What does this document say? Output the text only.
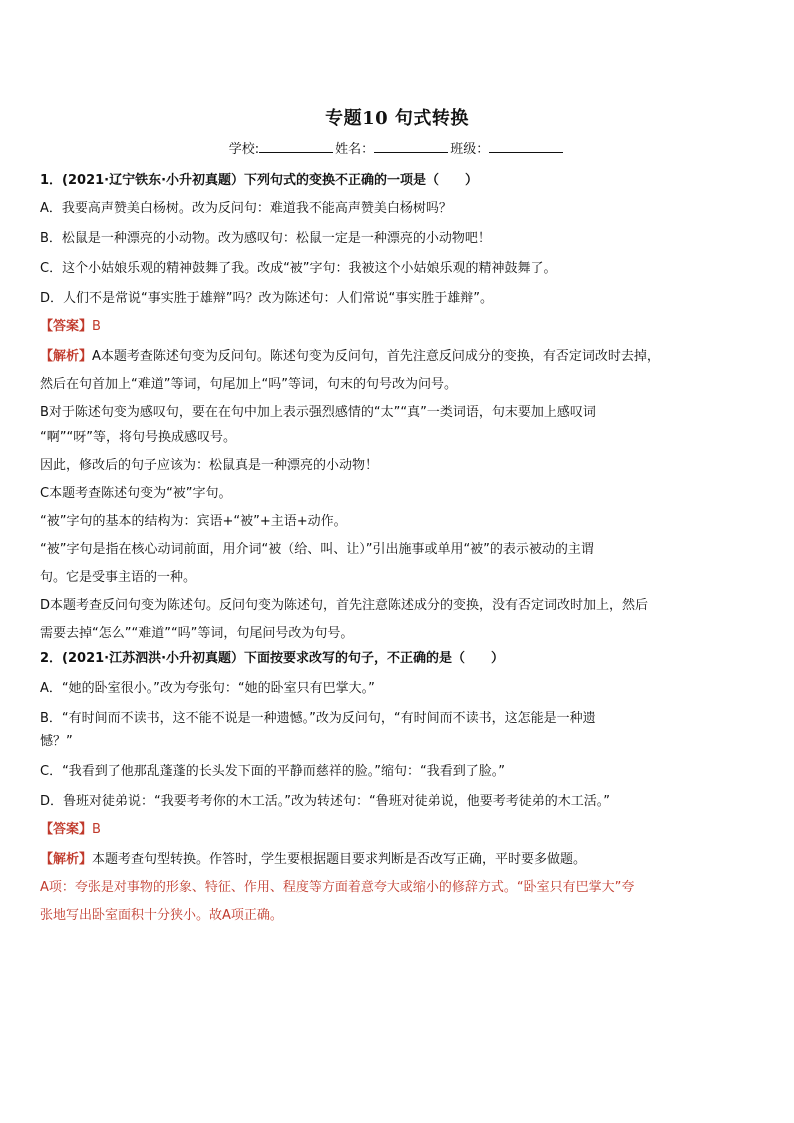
专题10 句式转换
学校:	姓名：	班级：

1．(2021·辽宁铁东·小升初真题）下列句式的变换不正确的一项是（　　）

A．我要高声赞美白杨树。改为反问句：难道我不能高声赞美白杨树吗？

B．松鼠是一种漂亮的小动物。改为感叹句：松鼠一定是一种漂亮的小动物吧！

C．这个小姑娘乐观的精神鼓舞了我。改成“被”字句：我被这个小姑娘乐观的精神鼓舞了。

D．人们不是常说“事实胜于雄辩”吗？改为陈述句：人们常说“事实胜于雄辩”。

【答案】B

【解析】A本题考查陈述句变为反问句。陈述句变为反问句，首先注意反问成分的变换，有否定词改时去掉，

然后在句首加上“难道”等词，句尾加上“吗”等词，句末的句号改为问号。

B对于陈述句变为感叹句，要在在句中加上表示强烈感情的“太”“真”一类词语，句末要加上感叹词

“啊”“呀”等，将句号换成感叹号。

因此，修改后的句子应该为：松鼠真是一种漂亮的小动物！

C本题考查陈述句变为“被”字句。

“被”字句的基本的结构为：宾语+“被”+主语+动作。

“被”字句是指在核心动词前面，用介词“被（给、叫、让）”引出施事或单用“被”的表示被动的主谓

句。它是受事主语的一种。

D本题考查反问句变为陈述句。反问句变为陈述句，首先注意陈述成分的变换，没有否定词改时加上，然后

需要去掉“怎么”“难道”“吗”等词，句尾问号改为句号。

2．(2021·江苏泗洪·小升初真题）下面按要求改写的句子，不正确的是（　　）

A．“她的卧室很小。”改为夸张句：“她的卧室只有巴掌大。”

B．“有时间而不读书，这不能不说是一种遗憾。”改为反问句，“有时间而不读书，这怎能是一种遗

憾？”

C．“我看到了他那乱蓬蓬的长头发下面的平静而慈祥的脸。”缩句：“我看到了脸。”

D．鲁班对徒弟说：“我要考考你的木工活。”改为转述句：“鲁班对徒弟说，他要考考徒弟的木工活。”

【答案】B

【解析】本题考查句型转换。作答时，学生要根据题目要求判断是否改写正确，平时要多做题。

A项：夸张是对事物的形象、特征、作用、程度等方面着意夸大或缩小的修辞方式。“卧室只有巴掌大”夸

张地写出卧室面积十分狭小。故A项正确。
